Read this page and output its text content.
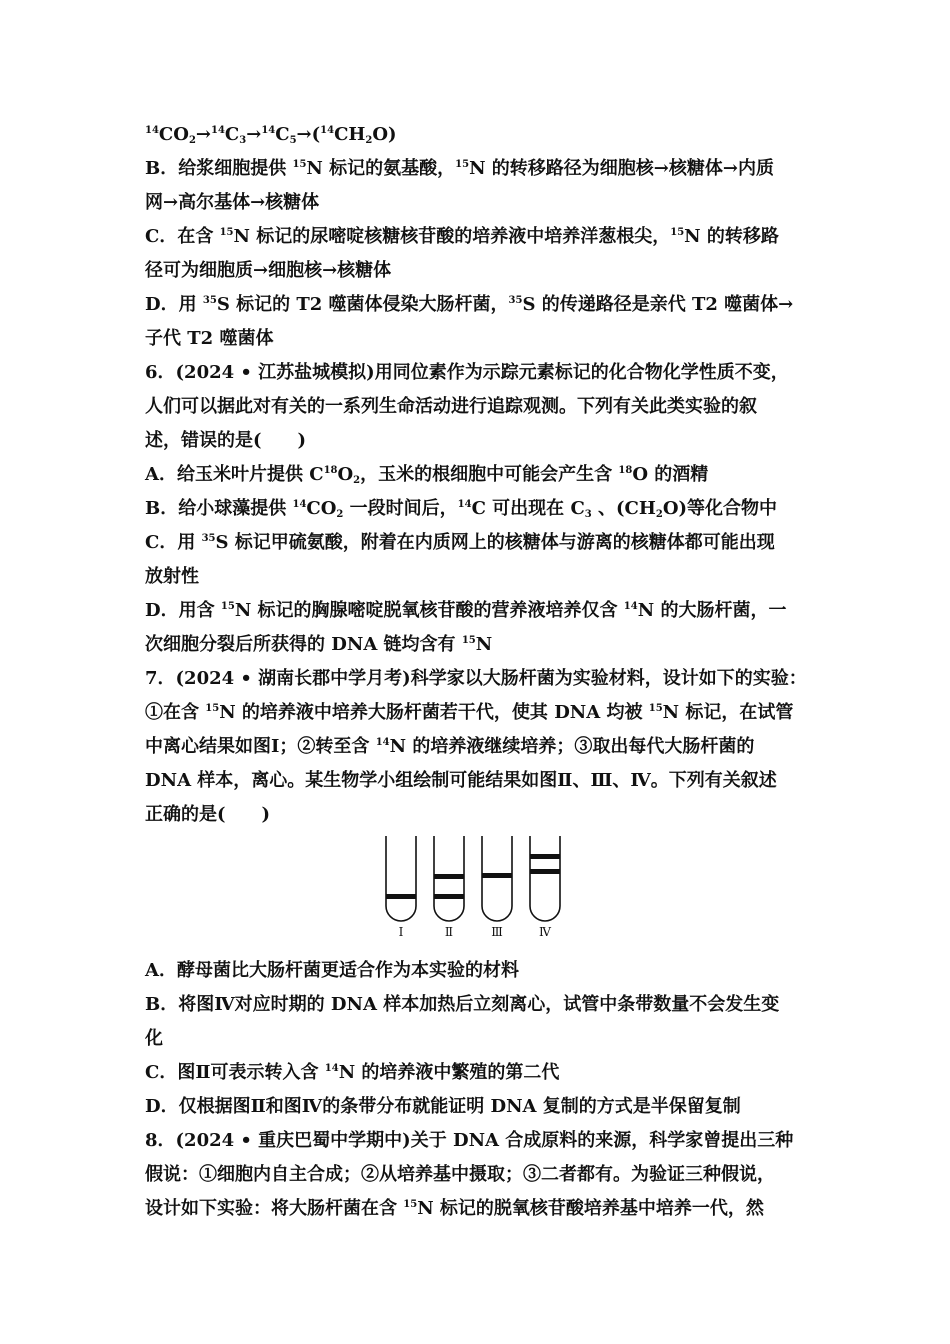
$^{14}CO_2\to^{14}C_3\to^{14}C_5\to(^{14}CH_2O)$
B．给浆细胞提供 $^{15}$N 标记的氨基酸，$^{15}$N 的转移路径为细胞核→核糖体→内质
网→高尔基体→核糖体
C．在含 $^{15}$N 标记的尿嘧啶核糖核苷酸的培养液中培养洋葱根尖，$^{15}$N 的转移路
径可为细胞质→细胞核→核糖体
D．用 $^{35}$S 标记的 T2 噬菌体侵染大肠杆菌，$^{35}$S 的传递路径是亲代 T2 噬菌体→
子代 T2 噬菌体
6．(2024 • 江苏盐城模拟)用同位素作为示踪元素标记的化合物化学性质不变，
人们可以据此对有关的一系列生命活动进行追踪观测。下列有关此类实验的叙
述，错误的是(　　)
A．给玉米叶片提供 $C^{18}O_2$，玉米的根细胞中可能会产生含 $^{18}$O 的酒精
B．给小球藻提供 $^{14}CO_2$ 一段时间后，$^{14}$C 可出现在 $C_3$ 、$(CH_2O)$等化合物中
C．用 $^{35}$S 标记甲硫氨酸，附着在内质网上的核糖体与游离的核糖体都可能出现
放射性
D．用含 $^{15}$N 标记的胸腺嘧啶脱氧核苷酸的营养液培养仅含 $^{14}$N 的大肠杆菌，一
次细胞分裂后所获得的 DNA 链均含有 $^{15}$N
7．(2024 • 湖南长郡中学月考)科学家以大肠杆菌为实验材料，设计如下的实验：
①在含 $^{15}$N 的培养液中培养大肠杆菌若干代，使其 DNA 均被 $^{15}$N 标记，在试管
中离心结果如图Ⅰ；②转至含 $^{14}$N 的培养液继续培养；③取出每代大肠杆菌的
DNA 样本，离心。某生物学小组绘制可能结果如图Ⅱ、Ⅲ、Ⅳ。下列有关叙述
正确的是(　　)
Ⅰ	Ⅱ	Ⅲ	Ⅳ
A．酵母菌比大肠杆菌更适合作为本实验的材料
B．将图Ⅳ对应时期的 DNA 样本加热后立刻离心，试管中条带数量不会发生变
化
C．图Ⅱ可表示转入含 $^{14}$N 的培养液中繁殖的第二代
D．仅根据图Ⅱ和图Ⅳ的条带分布就能证明 DNA 复制的方式是半保留复制
8．(2024 • 重庆巴蜀中学期中)关于 DNA 合成原料的来源，科学家曾提出三种
假说：①细胞内自主合成；②从培养基中摄取；③二者都有。为验证三种假说，
设计如下实验：将大肠杆菌在含 $^{15}$N 标记的脱氧核苷酸培养基中培养一代，然
